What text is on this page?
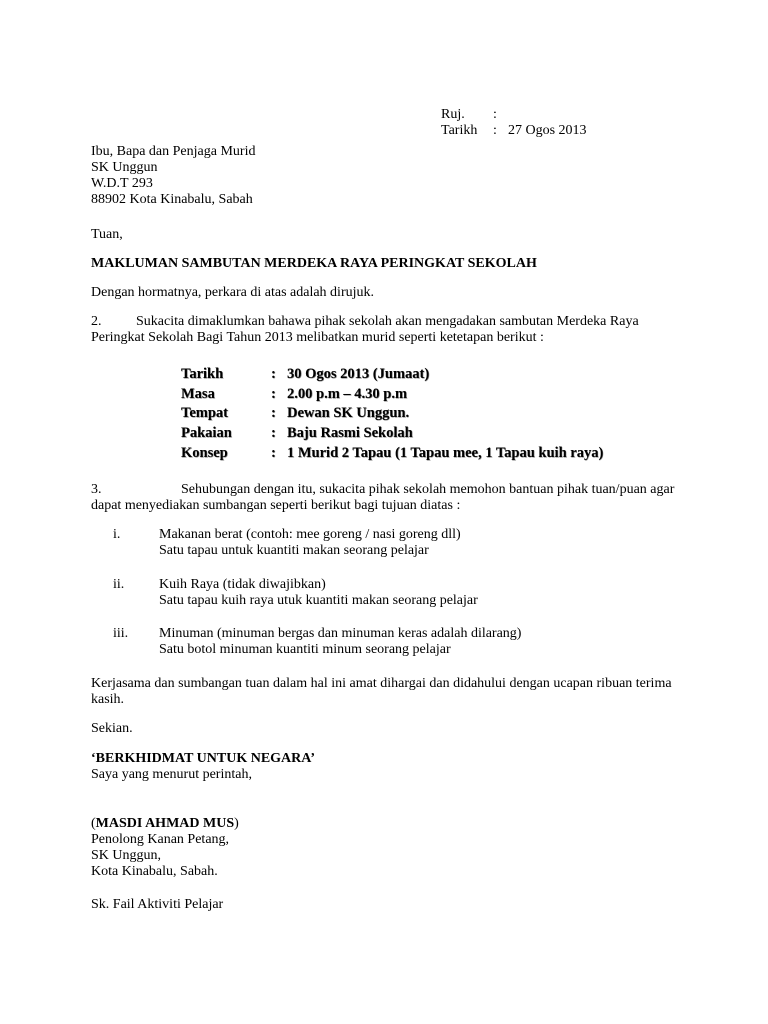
Ruj. :
Tarikh : 27 Ogos 2013
Ibu, Bapa dan Penjaga Murid
SK Unggun
W.D.T 293
88902 Kota Kinabalu, Sabah
Tuan,
MAKLUMAN SAMBUTAN MERDEKA RAYA PERINGKAT SEKOLAH
Dengan hormatnya, perkara di atas adalah dirujuk.
2. Sukacita dimaklumkan bahawa pihak sekolah akan mengadakan sambutan Merdeka Raya
Peringkat Sekolah Bagi Tahun 2013 melibatkan murid seperti ketetapan berikut :
Tarikh	: 30 Ogos 2013 (Jumaat)
Masa	: 2.00 p.m – 4.30 p.m
Tempat	: Dewan SK Unggun.
Pakaian	: Baju Rasmi Sekolah
Konsep	: 1 Murid 2 Tapau (1 Tapau mee, 1 Tapau kuih raya)
3.	Sehubungan dengan itu, sukacita pihak sekolah memohon bantuan pihak tuan/puan agar
dapat menyediakan sumbangan seperti berikut bagi tujuan diatas :
i.	Makanan berat (contoh: mee goreng / nasi goreng dll)
Satu tapau untuk kuantiti makan seorang pelajar
ii. Kuih Raya (tidak diwajibkan)
Satu tapau kuih raya utuk kuantiti makan seorang pelajar
iii. Minuman (minuman bergas dan minuman keras adalah dilarang)
Satu botol minuman kuantiti minum seorang pelajar
Kerjasama dan sumbangan tuan dalam hal ini amat dihargai dan didahului dengan ucapan ribuan terima
kasih.
Sekian.
‘BERKHIDMAT UNTUK NEGARA’
Saya yang menurut perintah,
(MASDI AHMAD MUS)
Penolong Kanan Petang,
SK Unggun,
Kota Kinabalu, Sabah.
Sk. Fail Aktiviti Pelajar
